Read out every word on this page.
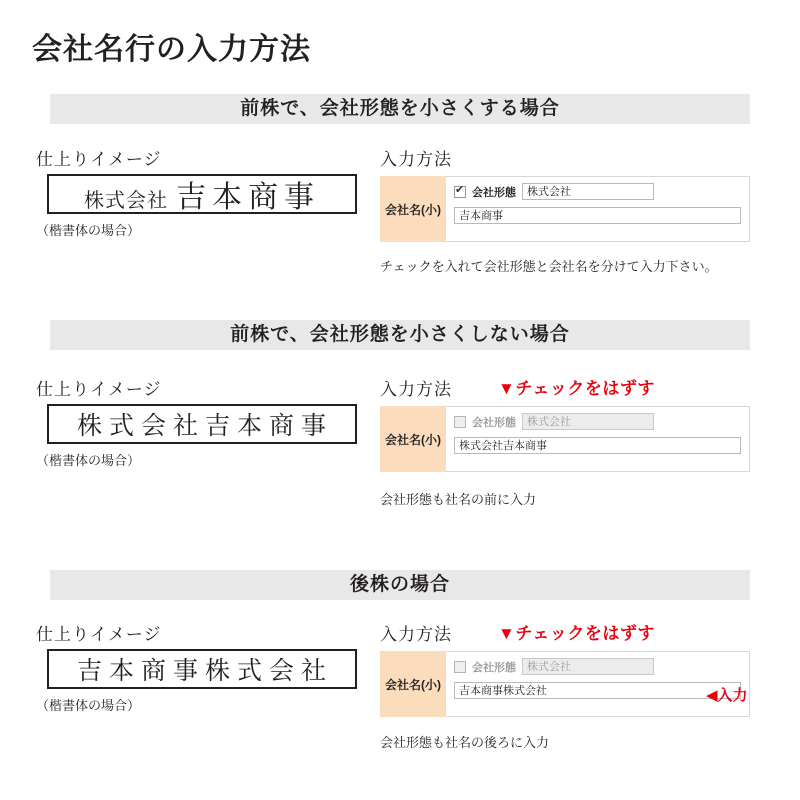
会社名行の入力方法
前株で、会社形態を小さくする場合
仕上りイメージ	入力方法
株式会社 吉本商事
（楷書体の場合）
会社名(小)
✔
会社形態	株式会社
吉本商事
チェックを入れて会社形態と会社名を分けて入力下さい。
前株で、会社形態を小さくしない場合
仕上りイメージ	入力方法	▼チェックをはずす
株式会社吉本商事
（楷書体の場合）
会社名(小)
会社形態	株式会社
株式会社吉本商事
会社形態も社名の前に入力
後株の場合
仕上りイメージ	入力方法	▼チェックをはずす
吉本商事株式会社
（楷書体の場合）
会社名(小)
会社形態	株式会社
吉本商事株式会社	◀入力
会社形態も社名の後ろに入力
